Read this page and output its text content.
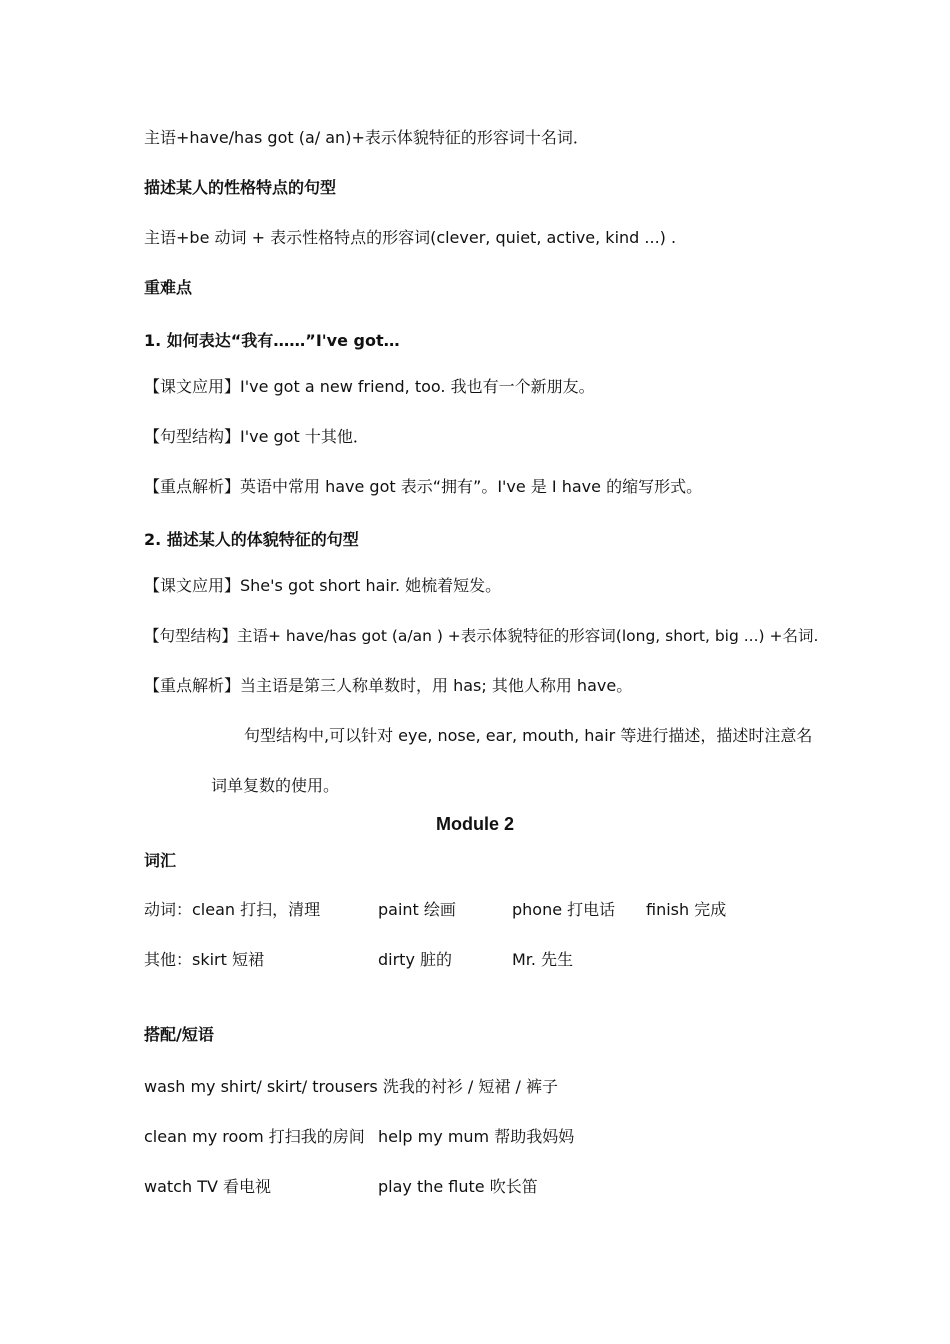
主语+have/has got (a/ an)+表示体貌特征的形容词十名词．
描述某人的性格特点的句型
主语+be 动词 + 表示性格特点的形容词(clever, quiet, active, kind ...) .
重难点
1. 如何表达“我有……”I've got…
【课文应用】I've got a new friend, too. 我也有一个新朋友。
【句型结构】I've got 十其他．
【重点解析】英语中常用 have got 表示“拥有”。I've 是 I have 的缩写形式。
2. 描述某人的体貌特征的句型
【课文应用】She's got short hair. 她梳着短发。
【句型结构】主语+ have/has got (a/an ) +表示体貌特征的形容词(long, short, big ...) +名词.
【重点解析】当主语是第三人称单数时，用 has; 其他人称用 have。
句型结构中,可以针对 eye, nose, ear, mouth, hair 等进行描述，描述时注意名
词单复数的使用。
Module 2
词汇
动词：clean 打扫，清理	paint 绘画	phone 打电话 finish 完成
其他：skirt 短裙	dirty 脏的	Mr. 先生
搭配/短语
wash my shirt/ skirt/ trousers 洗我的衬衫 / 短裙 / 裤子
clean my room 打扫我的房间 help my mum 帮助我妈妈
watch TV 看电视	play the flute 吹长笛
